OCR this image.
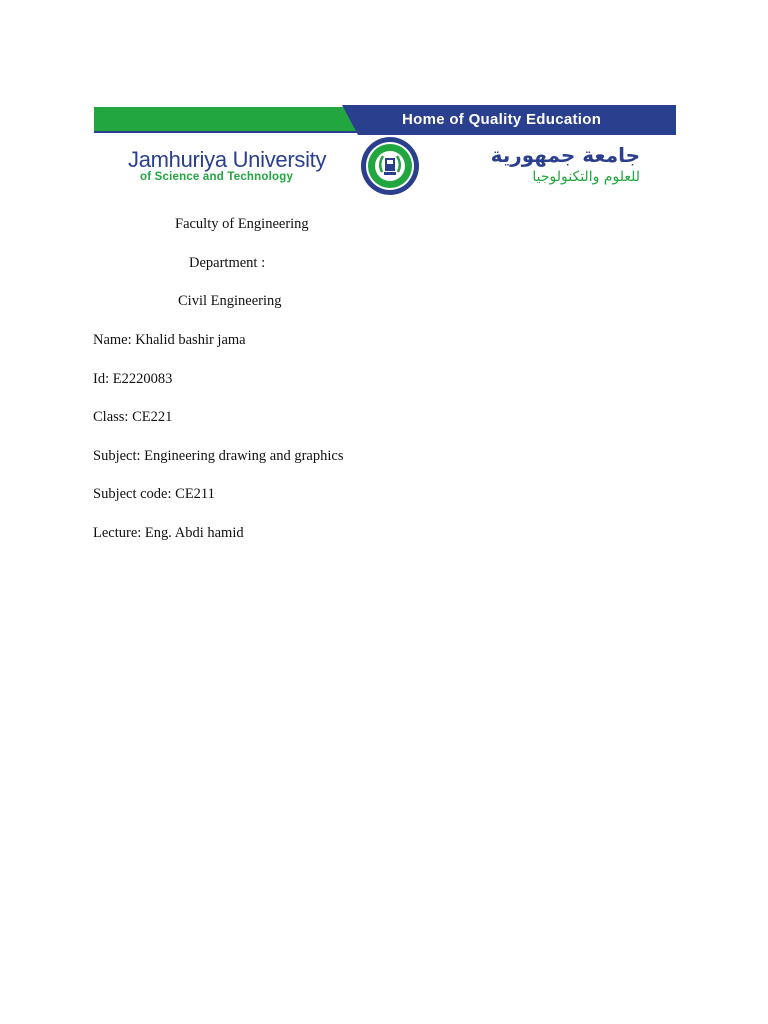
Home of Quality Education
Jamhuriya University
of Science and Technology
جامعة جمهورية
للعلوم والتكنولوجيا
Faculty of Engineering
Department :
Civil Engineering
Name: Khalid bashir jama
Id: E2220083
Class: CE221
Subject: Engineering drawing and graphics
Subject code: CE211
Lecture: Eng. Abdi hamid
